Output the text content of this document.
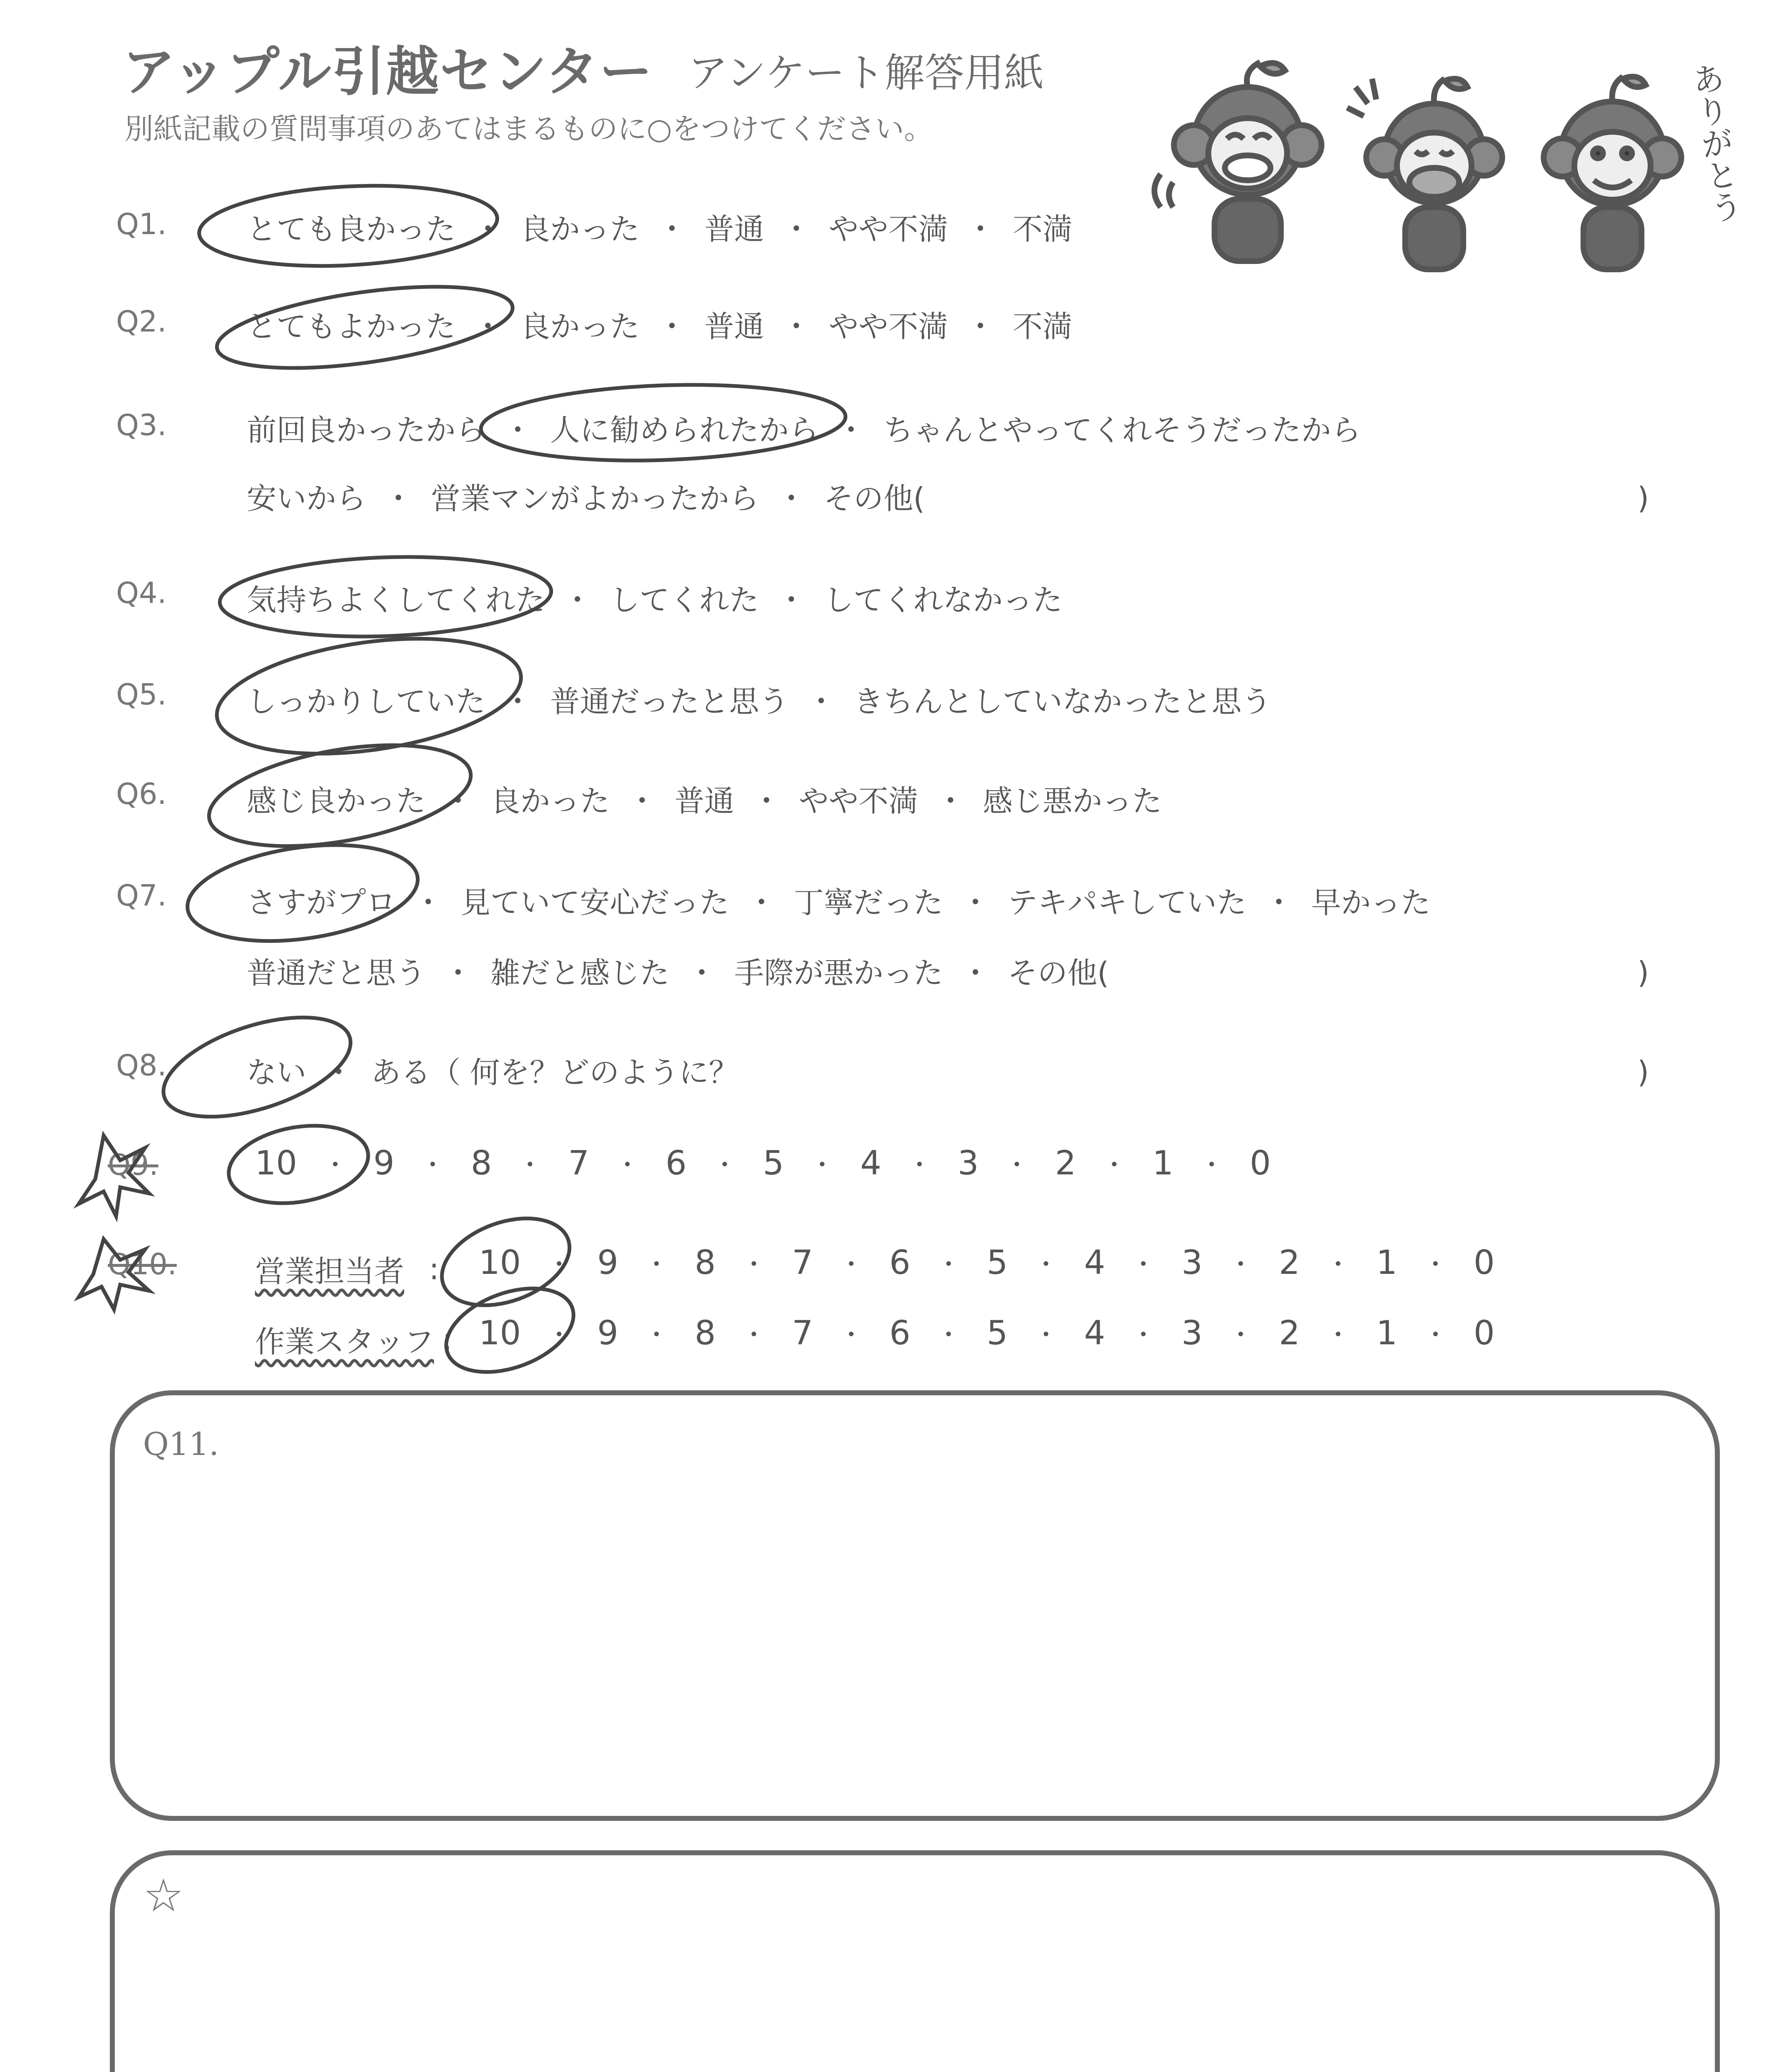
アップル引越センター アンケート解答用紙
別紙記載の質問事項のあてはまるものに○をつけてください。	ありがとう
Q1.	とても良かった ・ 良かった ・ 普通 ・ やや不満 ・ 不満
Q2.	とてもよかった ・ 良かった ・ 普通 ・ やや不満 ・ 不満
Q3.	前回良かったから ・ 人に勧められたから ・ ちゃんとやってくれそうだったから
安いから ・ 営業マンがよかったから ・ その他(	)
Q4.	気持ちよくしてくれた ・ してくれた ・ してくれなかった
Q5.	しっかりしていた ・ 普通だったと思う ・ きちんとしていなかったと思う
Q6.	感じ良かった ・ 良かった ・ 普通 ・ やや不満 ・ 感じ悪かった
Q7.	さすがプロ ・ 見ていて安心だった ・ 丁寧だった ・ テキパキしていた ・ 早かった
普通だと思う ・ 雑だと感じた ・ 手際が悪かった ・ その他(	)
Q8.	ない ・ ある（ 何を？どのように？	)
Q9.	10 ・ 9 ・ 8 ・ 7 ・ 6 ・ 5 ・ 4 ・ 3 ・ 2 ・ 1 ・ 0
Q10.	営業担当者 : 10 ・ 9 ・ 8 ・ 7 ・ 6 ・ 5 ・ 4 ・ 3 ・ 2 ・ 1 ・ 0
作業スタッフ : 10 ・ 9 ・ 8 ・ 7 ・ 6 ・ 5 ・ 4 ・ 3 ・ 2 ・ 1 ・ 0
Q11.
☆
